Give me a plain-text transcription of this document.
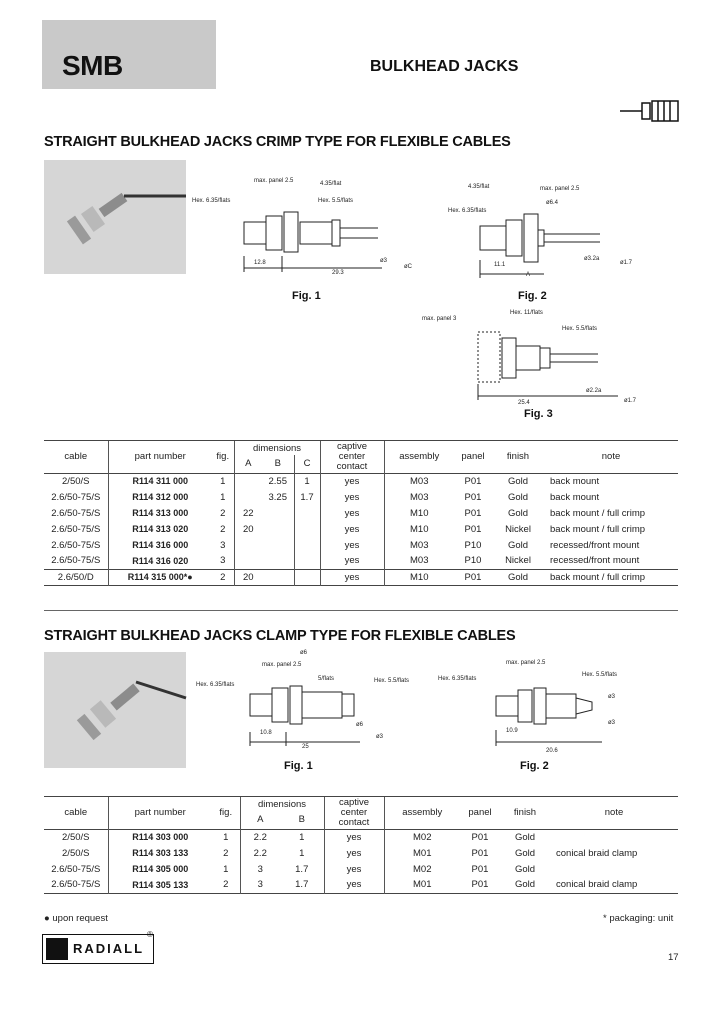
SMB	BULKHEAD JACKS
STRAIGHT BULKHEAD JACKS CRIMP TYPE FOR FLEXIBLE CABLES
Hex. 6.35/flats
max. panel 2.5	4.35/flat
Hex. 5.5/flats
12.8
29.3
ø3
øC
Fig. 1
4.35/flat	max. panel 2.5
Hex. 6.35/flats
ø6.4
11.1
A
ø3.2a
ø1.7
Fig. 2
max. panel 3
Hex. 11/flats
Hex. 5.5/flats
25.4
ø2.2a
ø1.7
Fig. 3
cable	part number	fig.	dimensions			captive
center
contact	assembly	panel	finish	note
			A	B	C					
2/50/S	R114 311 000	1		2.55	1	yes	M03	P01	Gold	back mount
2.6/50-75/S	R114 312 000	1		3.25	1.7	yes	M03	P01	Gold	back mount
2.6/50-75/S	R114 313 000	2	22			yes	M10	P01	Gold	back mount / full crimp
2.6/50-75/S	R114 313 020	2	20			yes	M10	P01	Nickel	back mount / full crimp
2.6/50-75/S	R114 316 000	3				yes	M03	P10	Gold	recessed/front mount
2.6/50-75/S	R114 316 020	3				yes	M03	P10	Nickel	recessed/front mount
2.6/50/D	R114 315 000*●	2	20			yes	M10	P01	Gold	back mount / full crimp
STRAIGHT BULKHEAD JACKS CLAMP TYPE FOR FLEXIBLE CABLES
ø6
Hex. 6.35/flats
max. panel 2.5
5/flats	Hex. 5.5/flats
ø6
ø3
10.8
25
Fig. 1
max. panel 2.5
Hex. 6.35/flats
Hex. 5.5/flats
ø3
10.9
20.6
ø3
Fig. 2
cable	part number	fig.	dimensions		captive
center
contact	assembly	panel	finish	note
			A	B					
2/50/S	R114 303 000	1	2.2	1	yes	M02	P01	Gold	
2/50/S	R114 303 133	2	2.2	1	yes	M01	P01	Gold	conical braid clamp
2.6/50-75/S	R114 305 000	1	3	1.7	yes	M02	P01	Gold	
2.6/50-75/S	R114 305 133	2	3	1.7	yes	M01	P01	Gold	conical braid clamp
● upon request	* packaging: unit
RADIALL
®
17
